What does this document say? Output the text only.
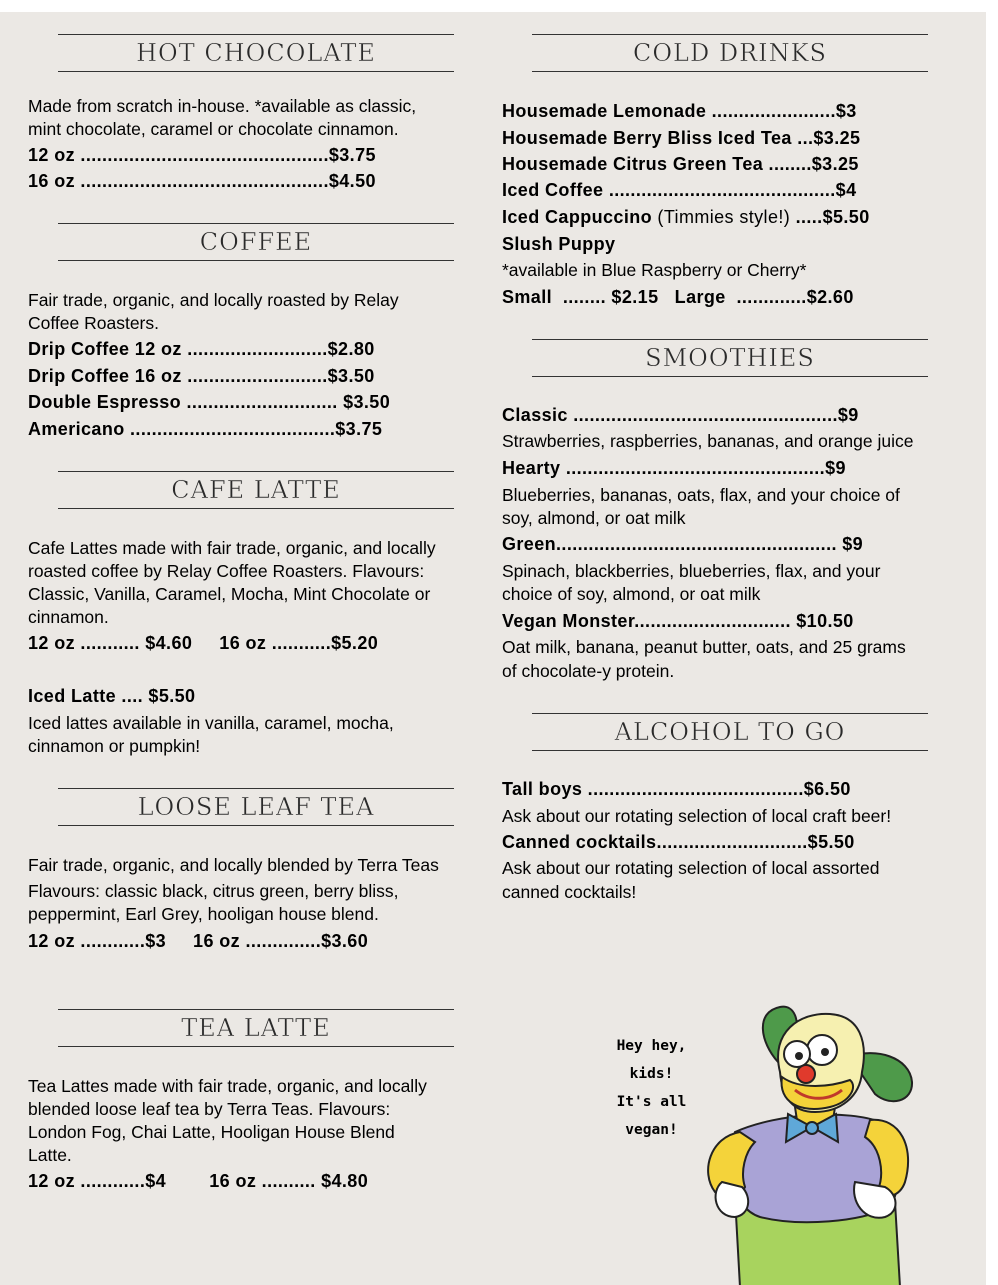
HOT CHOCOLATE
Made from scratch in-house. *available as classic,
mint chocolate, caramel or chocolate cinnamon.
12 oz ..............................................$3.75
16 oz ..............................................$4.50
COFFEE
Fair trade, organic, and locally roasted by Relay
Coffee Roasters.
Drip Coffee 12 oz ..........................$2.80
Drip Coffee 16 oz ..........................$3.50
Double Espresso ............................ $3.50
Americano ......................................$3.75
CAFE LATTE
Cafe Lattes made with fair trade, organic, and locally
roasted coffee by Relay Coffee Roasters. Flavours:
Classic, Vanilla, Caramel, Mocha, Mint Chocolate or
cinnamon.
12 oz ........... $4.60     16 oz ...........$5.20
Iced Latte .... $5.50
Iced lattes available in vanilla, caramel, mocha,
cinnamon or pumpkin!
LOOSE LEAF TEA
Fair trade, organic, and locally blended by Terra Teas
Flavours: classic black, citrus green, berry bliss,
peppermint, Earl Grey, hooligan house blend.
12 oz ............$3     16 oz ..............$3.60
TEA LATTE
Tea Lattes made with fair trade, organic, and locally
blended loose leaf tea by Terra Teas. Flavours:
London Fog, Chai Latte, Hooligan House Blend
Latte.
12 oz ............$4        16 oz .......... $4.80
COLD DRINKS
Housemade Lemonade .......................$3
Housemade Berry Bliss Iced Tea ...$3.25
Housemade Citrus Green Tea ........$3.25
Iced Coffee ..........................................$4
Iced Cappuccino (Timmies style!) .....$5.50
Slush Puppy
*available in Blue Raspberry or Cherry*
Small  ........ $2.15   Large  .............$2.60
SMOOTHIES
Classic .................................................$9
Strawberries, raspberries, bananas, and orange juice
Hearty ................................................$9
Blueberries, bananas, oats, flax, and your choice of
soy, almond, or oat milk
Green.................................................... $9
Spinach, blackberries, blueberries, flax, and your
choice of soy, almond, or oat milk
Vegan Monster............................. $10.50
Oat milk, banana, peanut butter, oats, and 25 grams
of chocolate-y protein.
ALCOHOL TO GO
Tall boys ........................................$6.50
Ask about our rotating selection of local craft beer!
Canned cocktails............................$5.50
Ask about our rotating selection of local assorted
canned cocktails!
Hey hey, kids!
It's all vegan!
